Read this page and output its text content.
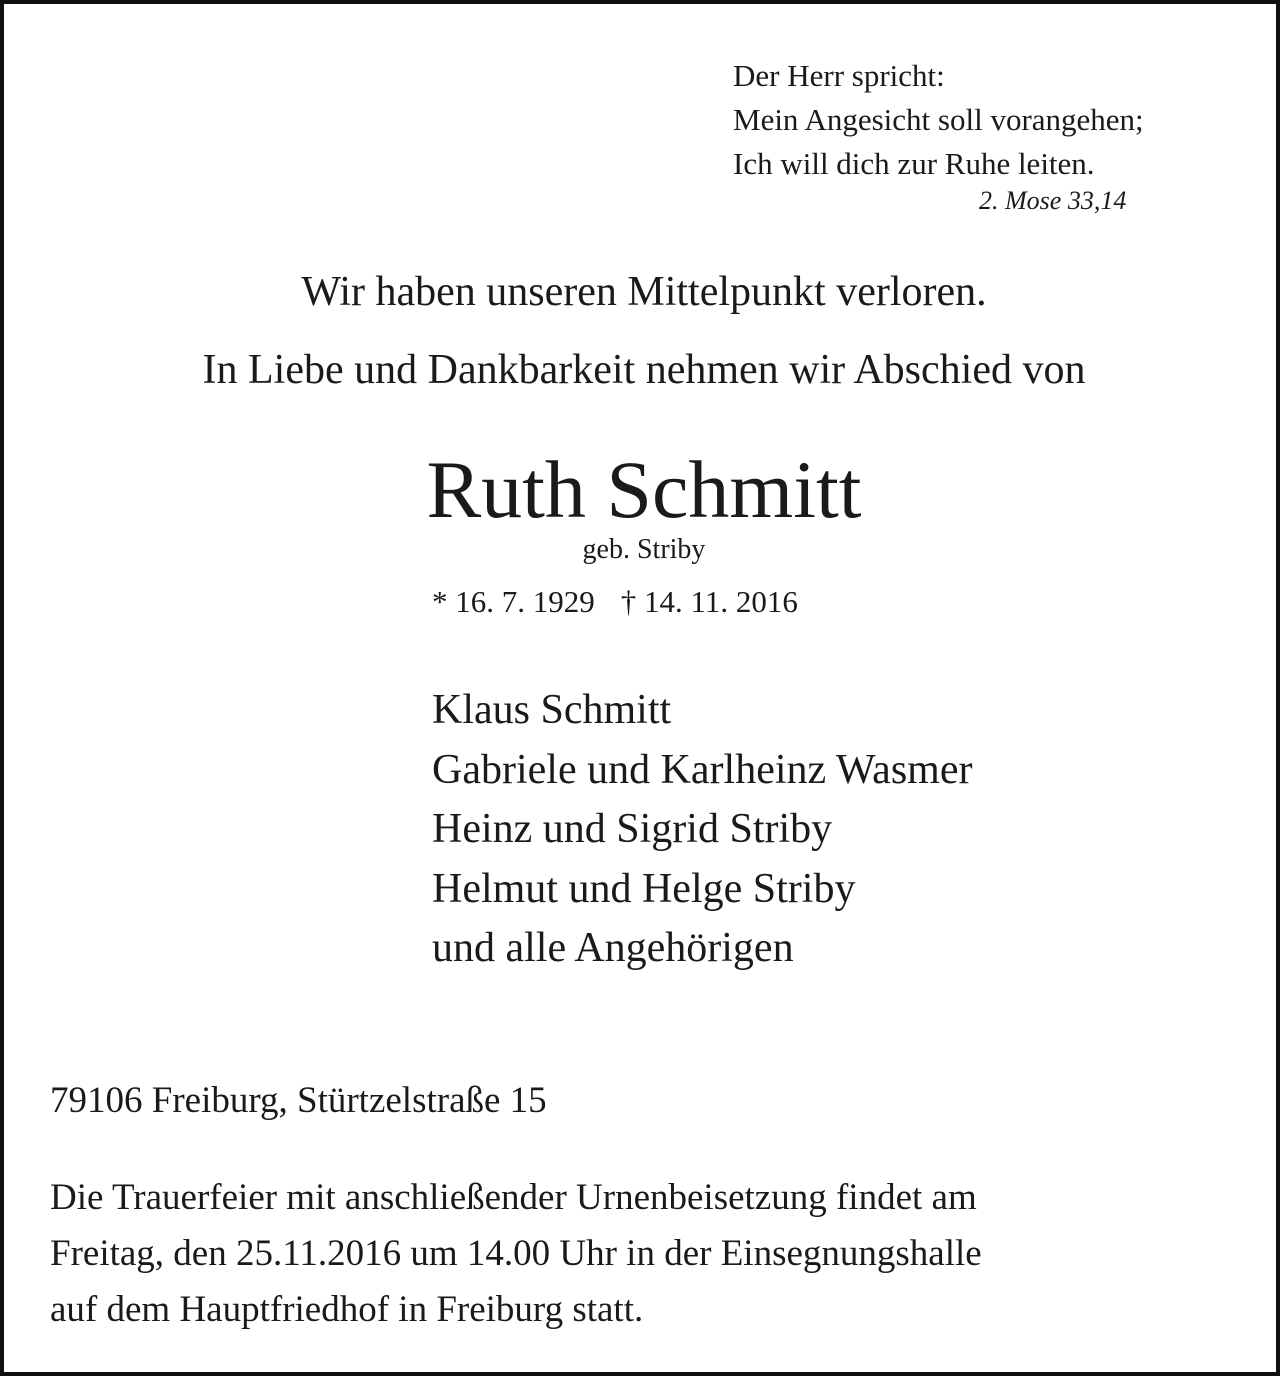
Der Herr spricht:
Mein Angesicht soll vorangehen;
Ich will dich zur Ruhe leiten.
2. Mose 33,14
Wir haben unseren Mittelpunkt verloren.
In Liebe und Dankbarkeit nehmen wir Abschied von
Ruth Schmitt
geb. Striby
* 16. 7. 1929 † 14. 11. 2016
Klaus Schmitt
Gabriele und Karlheinz Wasmer
Heinz und Sigrid Striby
Helmut und Helge Striby
und alle Angehörigen
79106 Freiburg, Stürtzelstraße 15
Die Trauerfeier mit anschließender Urnenbeisetzung findet am
Freitag, den 25.11.2016 um 14.00 Uhr in der Einsegnungshalle
auf dem Hauptfriedhof in Freiburg statt.
